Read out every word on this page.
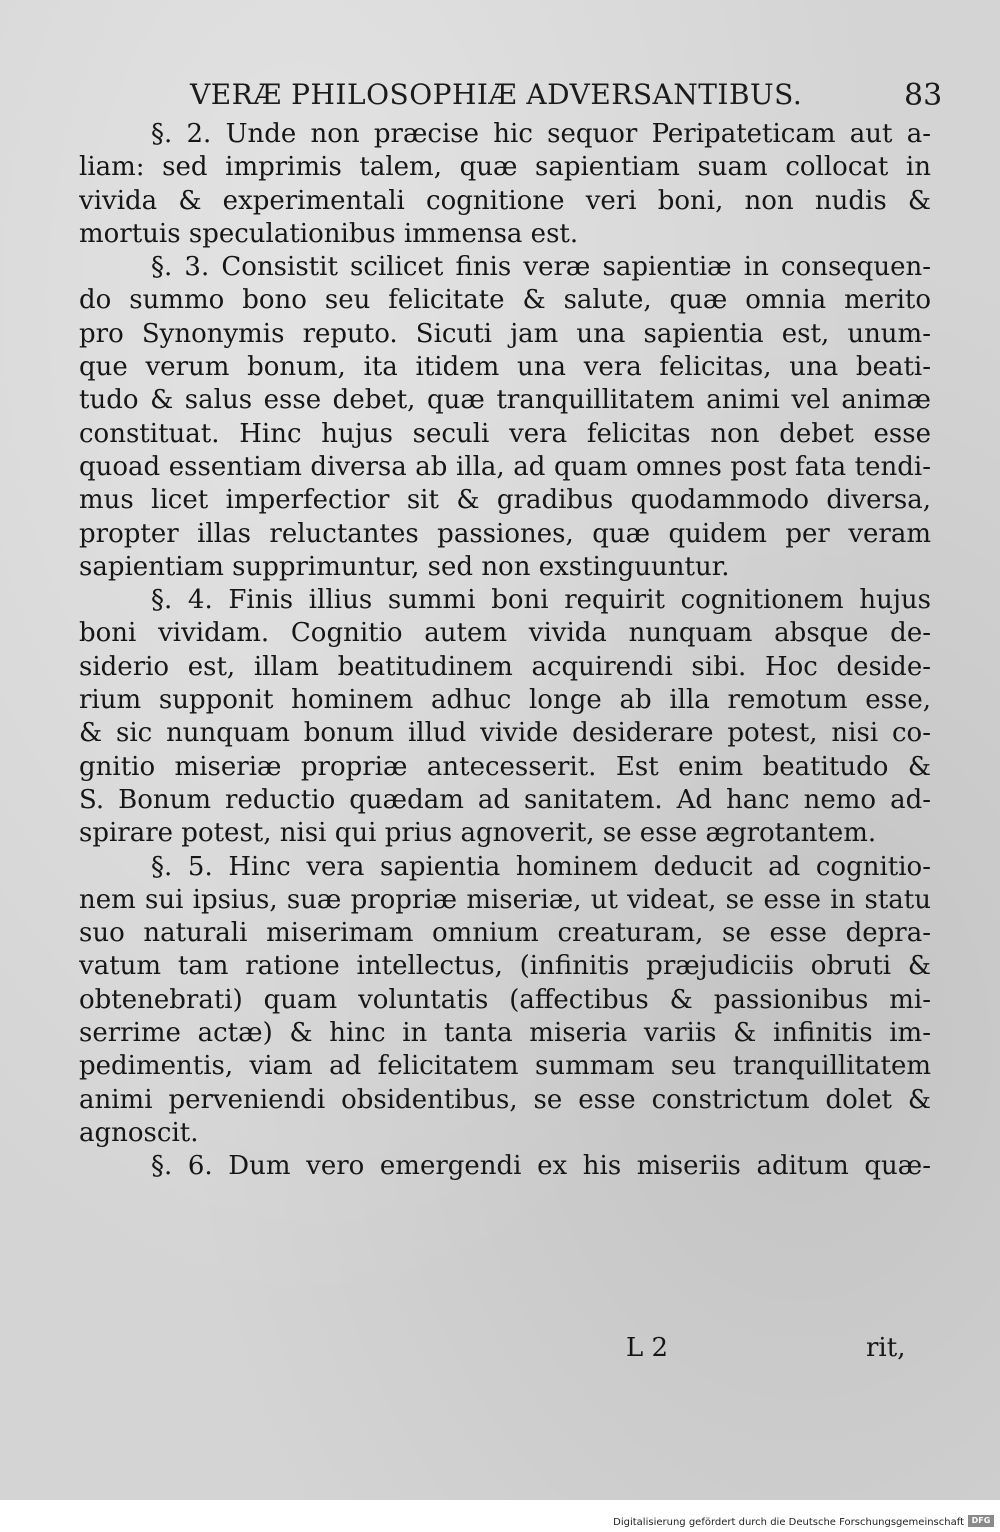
VERÆ PHILOSOPHIÆ ADVERSANTIBUS.	83
§. 2. Unde non præcise hic sequor Peripateticam aut a-
liam: sed imprimis talem, quæ sapientiam suam collocat in
vivida & experimentali cognitione veri boni, non nudis &
mortuis speculationibus immensa est.
§. 3. Consistit scilicet finis veræ sapientiæ in consequen-
do summo bono seu felicitate & salute, quæ omnia merito
pro Synonymis reputo. Sicuti jam una sapientia est, unum-
que verum bonum, ita itidem una vera felicitas, una beati-
tudo & salus esse debet, quæ tranquillitatem animi vel animæ
constituat. Hinc hujus seculi vera felicitas non debet esse
quoad essentiam diversa ab illa, ad quam omnes post fata tendi-
mus licet imperfectior sit & gradibus quodammodo diversa,
propter illas reluctantes passiones, quæ quidem per veram
sapientiam supprimuntur, sed non exstinguuntur.
§. 4. Finis illius summi boni requirit cognitionem hujus
boni vividam. Cognitio autem vivida nunquam absque de-
siderio est, illam beatitudinem acquirendi sibi. Hoc deside-
rium supponit hominem adhuc longe ab illa remotum esse,
& sic nunquam bonum illud vivide desiderare potest, nisi co-
gnitio miseriæ propriæ antecesserit. Est enim beatitudo &
S. Bonum reductio quædam ad sanitatem. Ad hanc nemo ad-
spirare potest, nisi qui prius agnoverit, se esse ægrotantem.
§. 5. Hinc vera sapientia hominem deducit ad cognitio-
nem sui ipsius, suæ propriæ miseriæ, ut videat, se esse in statu
suo naturali miserimam omnium creaturam, se esse depra-
vatum tam ratione intellectus, (infinitis præjudiciis obruti &
obtenebrati) quam voluntatis (affectibus & passionibus mi-
serrime actæ) & hinc in tanta miseria variis & infinitis im-
pedimentis, viam ad felicitatem summam seu tranquillitatem
animi perveniendi obsidentibus, se esse constrictum dolet &
agnoscit.
§. 6. Dum vero emergendi ex his miseriis aditum quæ-
L 2	rit,
Digitalisierung gefördert durch die Deutsche Forschungsgemeinschaft DFG
